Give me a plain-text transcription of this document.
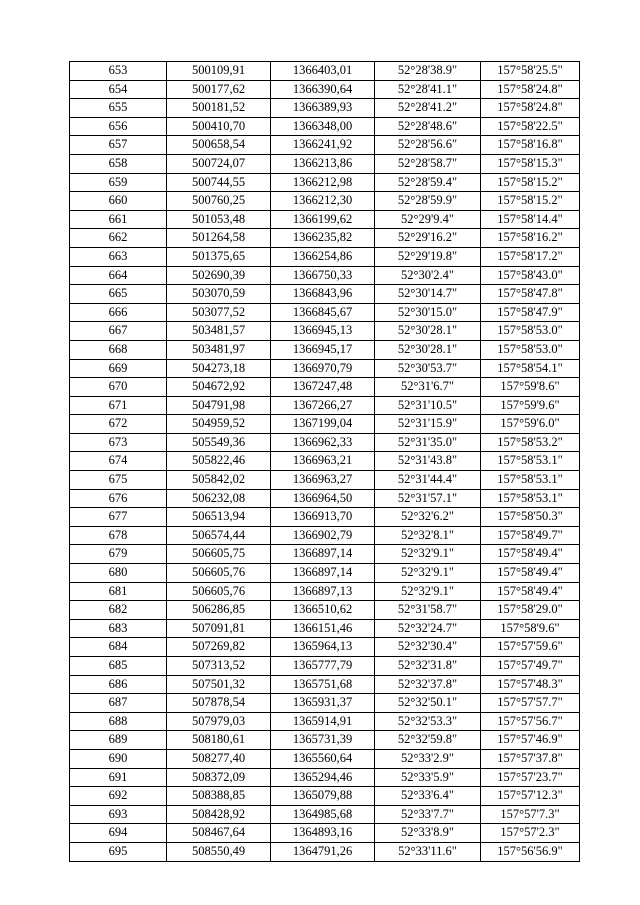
653	500109,91	1366403,01	52°28'38.9"	157°58'25.5"
654	500177,62	1366390,64	52°28'41.1"	157°58'24.8"
655	500181,52	1366389,93	52°28'41.2"	157°58'24.8"
656	500410,70	1366348,00	52°28'48.6"	157°58'22.5"
657	500658,54	1366241,92	52°28'56.6"	157°58'16.8"
658	500724,07	1366213,86	52°28'58.7"	157°58'15.3"
659	500744,55	1366212,98	52°28'59.4"	157°58'15.2"
660	500760,25	1366212,30	52°28'59.9"	157°58'15.2"
661	501053,48	1366199,62	52°29'9.4"	157°58'14.4"
662	501264,58	1366235,82	52°29'16.2"	157°58'16.2"
663	501375,65	1366254,86	52°29'19.8"	157°58'17.2"
664	502690,39	1366750,33	52°30'2.4"	157°58'43.0"
665	503070,59	1366843,96	52°30'14.7"	157°58'47.8"
666	503077,52	1366845,67	52°30'15.0"	157°58'47.9"
667	503481,57	1366945,13	52°30'28.1"	157°58'53.0"
668	503481,97	1366945,17	52°30'28.1"	157°58'53.0"
669	504273,18	1366970,79	52°30'53.7"	157°58'54.1"
670	504672,92	1367247,48	52°31'6.7"	157°59'8.6"
671	504791,98	1367266,27	52°31'10.5"	157°59'9.6"
672	504959,52	1367199,04	52°31'15.9"	157°59'6.0"
673	505549,36	1366962,33	52°31'35.0"	157°58'53.2"
674	505822,46	1366963,21	52°31'43.8"	157°58'53.1"
675	505842,02	1366963,27	52°31'44.4"	157°58'53.1"
676	506232,08	1366964,50	52°31'57.1"	157°58'53.1"
677	506513,94	1366913,70	52°32'6.2"	157°58'50.3"
678	506574,44	1366902,79	52°32'8.1"	157°58'49.7"
679	506605,75	1366897,14	52°32'9.1"	157°58'49.4"
680	506605,76	1366897,14	52°32'9.1"	157°58'49.4"
681	506605,76	1366897,13	52°32'9.1"	157°58'49.4"
682	506286,85	1366510,62	52°31'58.7"	157°58'29.0"
683	507091,81	1366151,46	52°32'24.7"	157°58'9.6"
684	507269,82	1365964,13	52°32'30.4"	157°57'59.6"
685	507313,52	1365777,79	52°32'31.8"	157°57'49.7"
686	507501,32	1365751,68	52°32'37.8"	157°57'48.3"
687	507878,54	1365931,37	52°32'50.1"	157°57'57.7"
688	507979,03	1365914,91	52°32'53.3"	157°57'56.7"
689	508180,61	1365731,39	52°32'59.8"	157°57'46.9"
690	508277,40	1365560,64	52°33'2.9"	157°57'37.8"
691	508372,09	1365294,46	52°33'5.9"	157°57'23.7"
692	508388,85	1365079,88	52°33'6.4"	157°57'12.3"
693	508428,92	1364985,68	52°33'7.7"	157°57'7.3"
694	508467,64	1364893,16	52°33'8.9"	157°57'2.3"
695	508550,49	1364791,26	52°33'11.6"	157°56'56.9"
